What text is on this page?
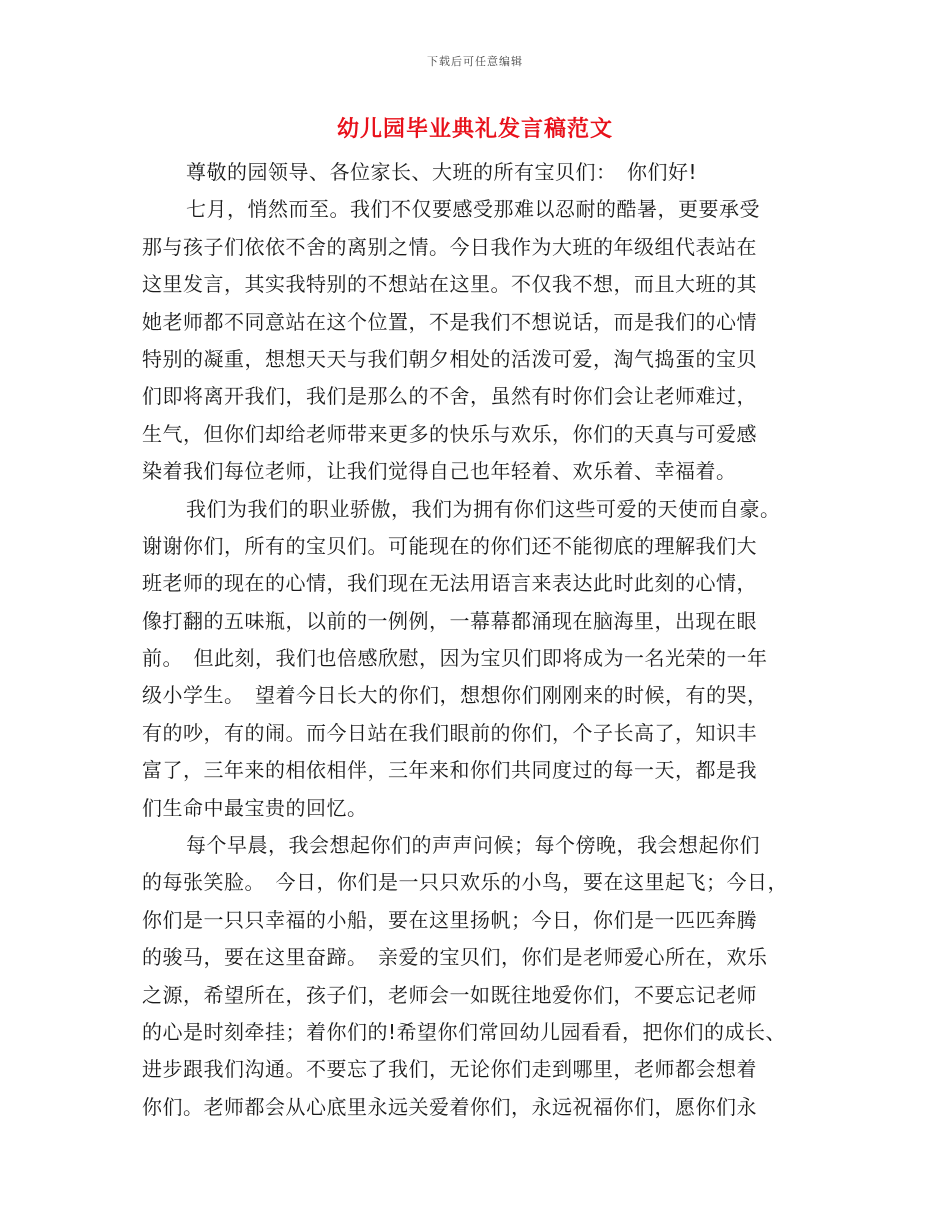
下载后可任意编辑
幼儿园毕业典礼发言稿范文
尊敬的园领导、各位家长、大班的所有宝贝们：　你们好!
七月，悄然而至。我们不仅要感受那难以忍耐的酷暑，更要承受
那与孩子们依依不舍的离别之情。今日我作为大班的年级组代表站在
这里发言，其实我特别的不想站在这里。不仅我不想，而且大班的其
她老师都不同意站在这个位置，不是我们不想说话，而是我们的心情
特别的凝重，想想天天与我们朝夕相处的活泼可爱，淘气捣蛋的宝贝
们即将离开我们，我们是那么的不舍，虽然有时你们会让老师难过，
生气，但你们却给老师带来更多的快乐与欢乐，你们的天真与可爱感
染着我们每位老师，让我们觉得自己也年轻着、欢乐着、幸福着。
我们为我们的职业骄傲，我们为拥有你们这些可爱的天使而自豪。
谢谢你们，所有的宝贝们。可能现在的你们还不能彻底的理解我们大
班老师的现在的心情，我们现在无法用语言来表达此时此刻的心情，
像打翻的五味瓶，以前的一例例，一幕幕都涌现在脑海里，出现在眼
前。　但此刻，我们也倍感欣慰，因为宝贝们即将成为一名光荣的一年
级小学生。　望着今日长大的你们，想想你们刚刚来的时候，有的哭，
有的吵，有的闹。而今日站在我们眼前的你们，个子长高了，知识丰
富了，三年来的相依相伴，三年来和你们共同度过的每一天，都是我
们生命中最宝贵的回忆。
每个早晨，我会想起你们的声声问候；每个傍晚，我会想起你们
的每张笑脸。　今日，你们是一只只欢乐的小鸟，要在这里起飞；今日，
你们是一只只幸福的小船，要在这里扬帆；今日，你们是一匹匹奔腾
的骏马，要在这里奋蹄。　亲爱的宝贝们，你们是老师爱心所在，欢乐
之源，希望所在，孩子们，老师会一如既往地爱你们，不要忘记老师
的心是时刻牵挂；着你们的!希望你们常回幼儿园看看，把你们的成长、
进步跟我们沟通。不要忘了我们，无论你们走到哪里，老师都会想着
你们。老师都会从心底里永远关爱着你们，永远祝福你们，愿你们永
